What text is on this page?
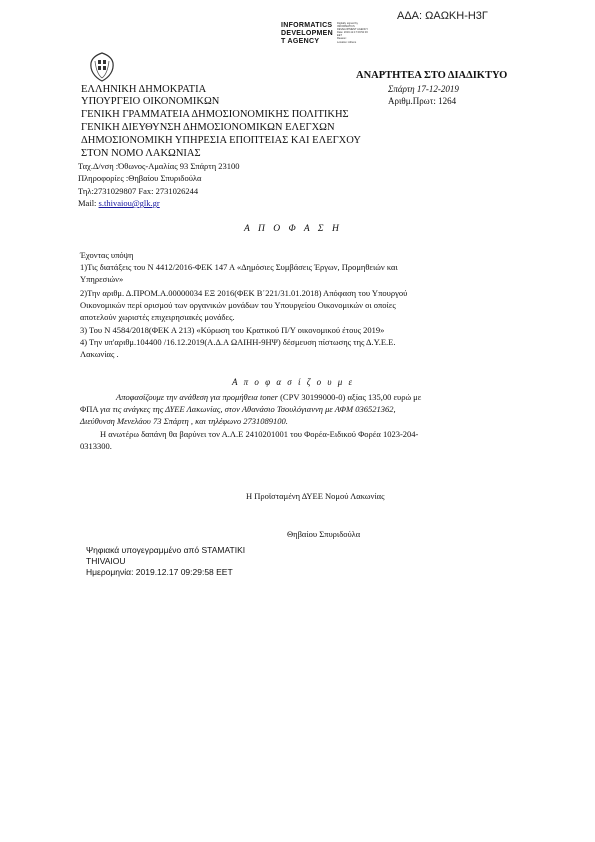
ΑΔΑ: ΩΑΩΚΗ-Η3Γ
INFORMATICS
DEVELOPMEN
T AGENCY
Digitally signed by
INFORMATICS
DEVELOPMENT AGENCY
Date: 2019.12.17 09:52:33
EET
Reason:
Location: Athens
ΑΝΑΡΤΗΤΕΑ ΣΤΟ ΔΙΑΔΙΚΤΥΟ
ΕΛΛΗΝΙΚΗ ΔΗΜΟΚΡΑΤΙΑ
ΥΠΟΥΡΓΕΙΟ ΟΙΚΟΝΟΜΙΚΩΝ
ΓΕΝΙΚΗ ΓΡΑΜΜΑΤΕΙΑ ΔΗΜΟΣΙΟΝΟΜΙΚΗΣ ΠΟΛΙΤΙΚΗΣ
ΓΕΝΙΚΗ ΔΙΕΥΘΥΝΣΗ ΔΗΜΟΣΙΟΝΟΜΙΚΩΝ ΕΛΕΓΧΩΝ
ΔΗΜΟΣΙΟΝΟΜΙΚΗ ΥΠΗΡΕΣΙΑ ΕΠΟΠΤΕΙΑΣ ΚΑΙ ΕΛΕΓΧΟΥ
ΣΤΟΝ ΝΟΜΟ ΛΑΚΩΝΙΑΣ
Ταχ.Δ/νση :Όθωνος-Αμαλίας 93 Σπάρτη 23100
Πληροφορίες :Θηβαίου Σπυριδούλα
Τηλ:2731029807 Fax: 2731026244
Mail: s.thivaiou@glk.gr
Σπάρτη 17-12-2019
Αριθμ.Πρωτ: 1264
Α Π Ο Φ Α Σ Η
Έχοντας υπόψη
1)Τις διατάξεις του Ν 4412/2016-ΦΕΚ 147 Α «Δημόσιες Συμβάσεις Έργων, Προμηθειών και
Υπηρεσιών»
2)Την αριθμ. Δ.ΠΡΟΜ.Α.00000034 ΕΞ 2016(ΦΕΚ Β΄221/31.01.2018) Απόφαση του Υπουργού
Οικονομικών περί ορισμού των οργανικών μονάδων του Υπουργείου Οικονομικών οι οποίες
αποτελούν χωριστές επιχειρησιακές μονάδες.
3) Του Ν 4584/2018(ΦΕΚ Α 213) «Κύρωση του Κρατικού Π/Υ οικονομικού έτους 2019»
4) Την υπ'αριθμ.104400 /16.12.2019(Α.Δ.Α ΩΑΙΗΗ-9ΗΨ) δέσμευση πίστωσης της Δ.Υ.Ε.Ε.
Λακωνίας .
Α π ο φ α σ ί ζ ο υ μ ε
Αποφασίζουμε την ανάθεση για προμήθεια toner (CPV 30199000-0) αξίας 135,00 ευρώ με
ΦΠΑ για τις ανάγκες της ΔΥΕΕ Λακωνίας, στον Αθανάσιο Τσουλόγιαννη με ΑΦΜ 036521362,
Διεύθυνση Μενελάου 73 Σπάρτη , και τηλέφωνο 2731089100.
Η ανωτέρω δαπάνη θα βαρύνει τον Α.Λ.Ε 2410201001 του Φορέα-Ειδικού Φορέα 1023-204-
0313300.
Η Προϊσταμένη ΔΥΕΕ Νομού Λακωνίας
Θηβαίου Σπυριδούλα
Ψηφιακά υπογεγραμμένο από STAMATIKI
THIVAIOU
Ημερομηνία: 2019.12.17 09:29:58 EET
